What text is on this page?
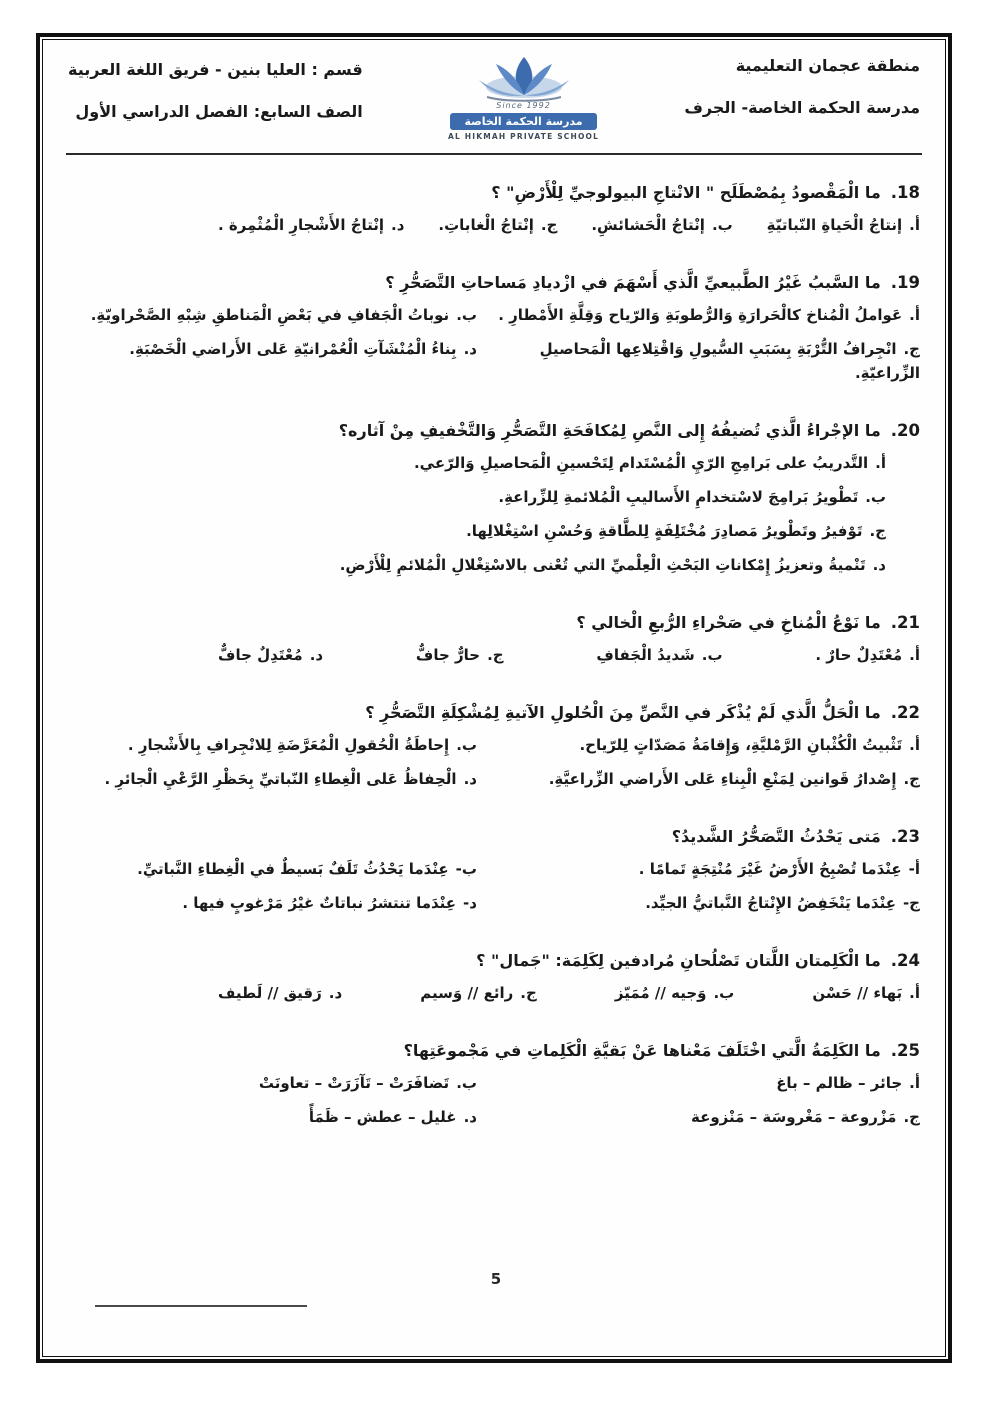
منطقة عجمان التعليمية
مدرسة الحكمة الخاصة- الجرف
Since 1992
مدرسة الحكمة الخاصة
AL HIKMAH PRIVATE SCHOOL
قسم : العليا بنين - فريق اللغة العربية
الصف السابع: الفصل الدراسي الأول
18.ما الْمَقْصودُ بِمُصْطَلَح " الانْتاجِ البيولوجيِّ لِلْأَرْضِ" ؟
أ.إنتاجُ الْحَياةِ النّباتيّةِ
ب.إنْتاجُ الْحَشائشِ.
ج.إنْتاجُ الْغاباتِ.
د.إنْتاجُ الأَشْجارِ الْمُثْمِرة .
19.ما السَّببُ غَيْرُ الطَّبيعيِّ الَّذي أَسْهَمَ في ازْديادِ مَساحاتِ التَّصَحُّرِ ؟
أ.عَواملُ الْمُناخ كالْحَرارَةِ وَالرُّطوبَةِ وَالرّياح وَقِلَّةِ الأَمْطارِ .
ب.نوباتُ الْجَفافِ في بَعْضِ الْمَناطقِ شِبْهِ الصَّحْراويّةِ.
ج.انْجِرافُ التُّرْبَةِ بِسَبَبِ السُّيولِ وَاقْتِلاعِها الْمَحاصيلِ الزِّراعيّةِ.
د.بِناءُ الْمُنْشَآتِ الْعُمْرانيّةِ عَلى الأَراضي الْخَصْبَةِ.
20.ما الإجْراءُ الَّذي تُضيفُهُ إِلى النَّصِ لِمُكافَحَةِ التَّصَحُّرِ وَالتَّخْفيفِ مِنْ آثاره؟
أ.التَّدريبُ على بَرامِجِ الرّيِ الْمُسْتَدام لِتَحْسينِ الْمَحاصيلِ وَالرّعي.
ب.تَطْويرُ بَرامِجَ لاسْتخدامِ الأَساليبِ الْمُلائمةِ لِلزِّراعةِ.
ج.تَوْفيرُ وتَطْويرُ مَصادِرَ مُخْتَلِفَةٍ لِلطَّاقةِ وَحُسْنِ اسْتِغْلالِها.
د.تَنْميةُ وتعزيزُ إِمْكاناتِ البَحْثِ الْعِلْميِّ التي تُعْنى بالاسْتِغْلالِ الْمُلائمِ لِلْأَرْضِ.
21.ما نَوْعُ الْمُناخِ في صَحْراءِ الرُّبعِ الْخالي ؟
أ.مُعْتَدِلٌ حارٌ .
ب.شَديدُ الْجَفافِ
ج.حارٌّ جافٌّ
د.مُعْتَدِلٌ جافٌّ
22.ما الْحَلُّ الَّذي لَمْ يُذْكَر في النَّصِّ مِنَ الْحُلولِ الآتيةِ لِمُشْكِلَةِ التَّصَحُّرِ ؟
أ.تَثْبيتُ الْكُثْبانِ الرَّمْليَّةِ، وَإِقامَةُ مَصَدّاتٍ لِلرّياح.
ب.إِحاطَةُ الْحُقولِ الْمُعَرَّضَةِ لِلانْجِرافِ بِالأَشْجارِ .
ج.إِصْدارُ قَوانين لِمَنْعِ الْبِناءِ عَلى الأَراضي الزِّراعيَّةِ.
د.الْحِفاظُ عَلى الْغِطاءِ النّباتيِّ بِحَظْرِ الرَّعْيِ الْجائرِ .
23.مَتى يَحْدُثُ التَّصَحُّرُ الشَّديدُ؟
أ-عِنْدَما تُصْبِحُ الأَرْضُ غَيْرَ مُنْتِجَةٍ تَمامًا .
ب-عِنْدَما يَحْدُثُ تَلَفٌ بَسيطٌ في الْغِطاءِ النَّباتيِّ.
ج-عِنْدَما يَنْخَفِضُ الإِنْتاجُ النَّباتيُّ الجيِّد.
د-عِنْدَما تنتشرُ نباتاتٌ غيْرُ مَرْغوبٍ فيها .
24.ما الْكَلِمتان اللَّتان تَصْلُحانِ مُرادفين لِكَلِمَة: "جَمال" ؟
أ.بَهاء // حَسْن
ب.وَجيه // مُمَيّز
ج.رائع // وَسيم
د.رَقيق // لَطيف
25.ما الكَلِمَةُ الَّتي اخْتَلَفَ مَعْناها عَنْ بَقيَّةِ الْكَلِماتِ في مَجْموعَتِها؟
أ.جائر – ظالم – باغ
ب.تَضافَرَتْ – تَآزَرَتْ – تعاونَتْ
ج.مَزْروعة – مَغْروسَة – مَنْزوعة
د.غليل – عطش – ظَمَأً
5
